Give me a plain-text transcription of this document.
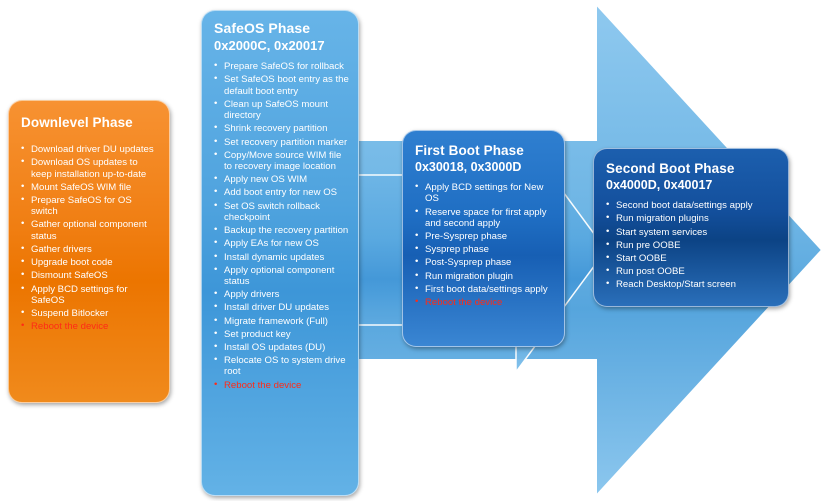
Downlevel Phase
• Download driver DU updates
• Download OS updates to keep installation up-to-date
• Mount SafeOS WIM file
• Prepare SafeOS for OS switch
• Gather optional component status
• Gather drivers
• Upgrade boot code
• Dismount SafeOS
• Apply BCD settings for SafeOS
• Suspend Bitlocker
• Reboot the device
SafeOS Phase
0x2000C, 0x20017
• Prepare SafeOS for rollback
• Set SafeOS boot entry as the default boot entry
• Clean up SafeOS mount directory
• Shrink recovery partition
• Set recovery partition marker
• Copy/Move source WIM file to recovery image location
• Apply new OS WIM
• Add boot entry for new OS
• Set OS switch rollback checkpoint
• Backup the recovery partition
• Apply EAs for new OS
• Install dynamic updates
• Apply optional component status
• Apply drivers
• Install driver DU updates
• Migrate framework (Full)
• Set product key
• Install OS updates (DU)
• Relocate OS to system drive root
• Reboot the device
First Boot Phase
0x30018, 0x3000D
• Apply BCD settings for New OS
• Reserve space for first apply and second apply
• Pre-Sysprep phase
• Sysprep phase
• Post-Sysprep phase
• Run migration plugin
• First boot data/settings apply
• Reboot the device
Second Boot Phase
0x4000D, 0x40017
• Second boot data/settings apply
• Run migration plugins
• Start system services
• Run pre OOBE
• Start OOBE
• Run post OOBE
• Reach Desktop/Start screen
